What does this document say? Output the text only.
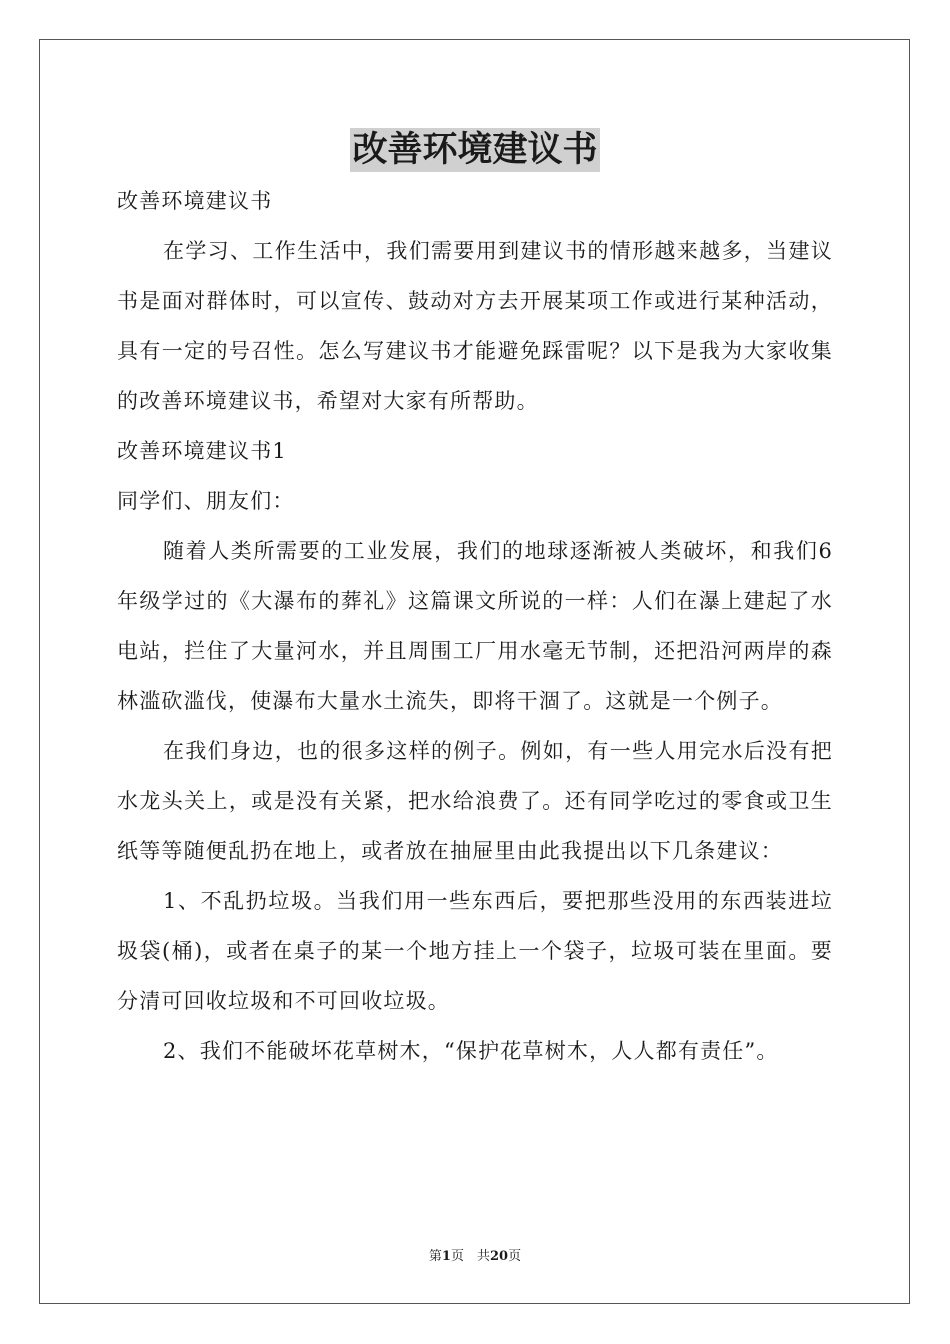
改善环境建议书

改善环境建议书

在学习、工作生活中，我们需要用到建议书的情形越来越多，当建议书是面对群体时，可以宣传、鼓动对方去开展某项工作或进行某种活动，具有一定的号召性。怎么写建议书才能避免踩雷呢？以下是我为大家收集的改善环境建议书，希望对大家有所帮助。

改善环境建议书1

同学们、朋友们：

随着人类所需要的工业发展，我们的地球逐渐被人类破坏，和我们6年级学过的《大瀑布的葬礼》这篇课文所说的一样：人们在瀑上建起了水电站，拦住了大量河水，并且周围工厂用水毫无节制，还把沿河两岸的森林滥砍滥伐，使瀑布大量水土流失，即将干涸了。这就是一个例子。

在我们身边，也的很多这样的例子。例如，有一些人用完水后没有把水龙头关上，或是没有关紧，把水给浪费了。还有同学吃过的零食或卫生纸等等随便乱扔在地上，或者放在抽屉里由此我提出以下几条建议：

1、不乱扔垃圾。当我们用一些东西后，要把那些没用的东西装进垃圾袋(桶)，或者在桌子的某一个地方挂上一个袋子，垃圾可装在里面。要分清可回收垃圾和不可回收垃圾。

2、我们不能破坏花草树木，“保护花草树木，人人都有责任”。

第1页　共20页
